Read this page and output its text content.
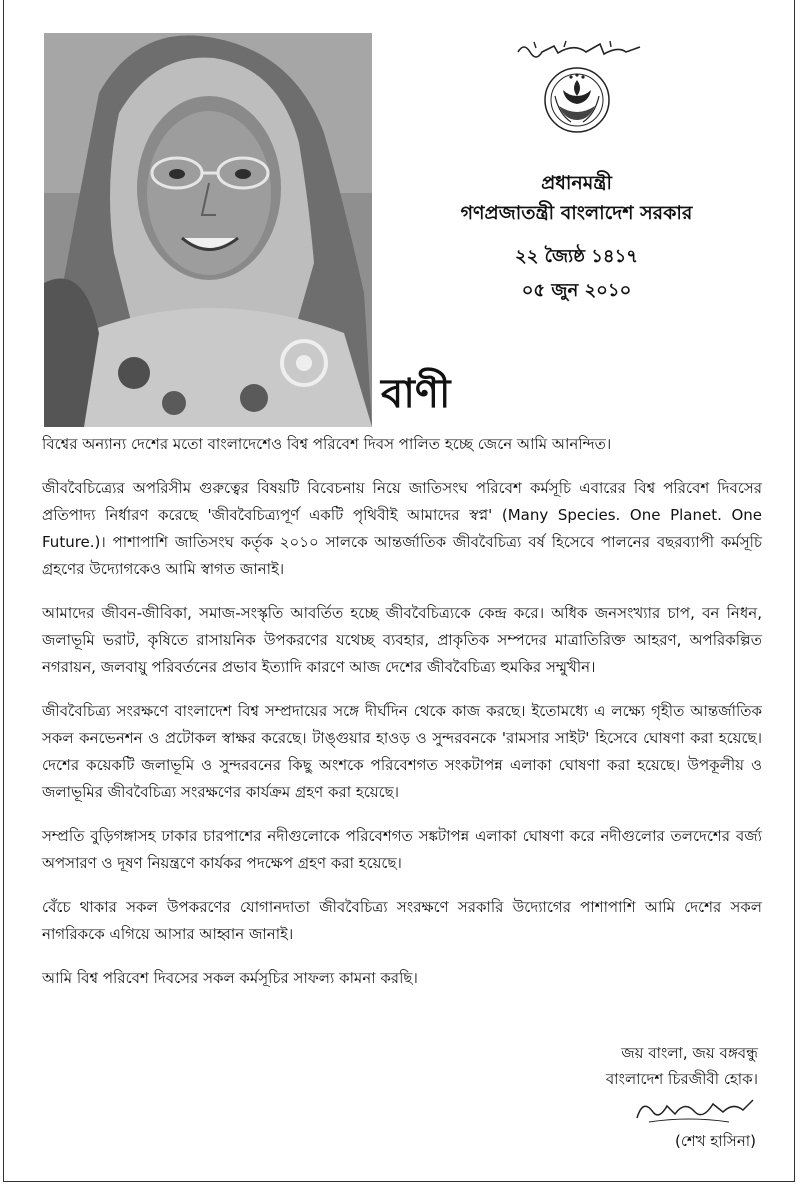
প্রধানমন্ত্রী
গণপ্রজাতন্ত্রী বাংলাদেশ সরকার
২২ জ্যৈষ্ঠ ১৪১৭
০৫ জুন ২০১০
বাণী

বিশ্বের অন্যান্য দেশের মতো বাংলাদেশেও বিশ্ব পরিবেশ দিবস পালিত হচ্ছে জেনে আমি আনন্দিত।

জীববৈচিত্র্যের অপরিসীম গুরুত্বের বিষয়টি বিবেচনায় নিয়ে জাতিসংঘ পরিবেশ কর্মসূচি এবারের বিশ্ব পরিবেশ দিবসের প্রতিপাদ্য নির্ধারণ করেছে 'জীববৈচিত্র্যপূর্ণ একটি পৃথিবীই আমাদের স্বপ্ন' (Many Species. One Planet. One Future.)। পাশাপাশি জাতিসংঘ কর্তৃক ২০১০ সালকে আন্তর্জাতিক জীববৈচিত্র্য বর্ষ হিসেবে পালনের বছরব্যাপী কর্মসূচি গ্রহণের উদ্যোগকেও আমি স্বাগত জানাই।

আমাদের জীবন-জীবিকা, সমাজ-সংস্কৃতি আবর্তিত হচ্ছে জীববৈচিত্র্যকে কেন্দ্র করে। অধিক জনসংখ্যার চাপ, বন নিধন, জলাভূমি ভরাট, কৃষিতে রাসায়নিক উপকরণের যথেচ্ছ ব্যবহার, প্রাকৃতিক সম্পদের মাত্রাতিরিক্ত আহরণ, অপরিকল্পিত নগরায়ন, জলবায়ু পরিবর্তনের প্রভাব ইত্যাদি কারণে আজ দেশের জীববৈচিত্র্য হুমকির সম্মুখীন।

জীববৈচিত্র্য সংরক্ষণে বাংলাদেশ বিশ্ব সম্প্রদায়ের সঙ্গে দীর্ঘদিন থেকে কাজ করছে। ইতোমধ্যে এ লক্ষ্যে গৃহীত আন্তর্জাতিক সকল কনভেনশন ও প্রটোকল স্বাক্ষর করেছে। টাঙ্গুয়ার হাওড় ও সুন্দরবনকে 'রামসার সাইট' হিসেবে ঘোষণা করা হয়েছে। দেশের কয়েকটি জলাভূমি ও সুন্দরবনের কিছু অংশকে পরিবেশগত সংকটাপন্ন এলাকা ঘোষণা করা হয়েছে। উপকূলীয় ও জলাভূমির জীববৈচিত্র্য সংরক্ষণের কার্যক্রম গ্রহণ করা হয়েছে।

সম্প্রতি বুড়িগঙ্গাসহ ঢাকার চারপাশের নদীগুলোকে পরিবেশগত সঙ্কটাপন্ন এলাকা ঘোষণা করে নদীগুলোর তলদেশের বর্জ্য অপসারণ ও দূষণ নিয়ন্ত্রণে কার্যকর পদক্ষেপ গ্রহণ করা হয়েছে।

বেঁচে থাকার সকল উপকরণের যোগানদাতা জীববৈচিত্র্য সংরক্ষণে সরকারি উদ্যোগের পাশাপাশি আমি দেশের সকল নাগরিককে এগিয়ে আসার আহ্বান জানাই।

আমি বিশ্ব পরিবেশ দিবসের সকল কর্মসূচির সাফল্য কামনা করছি।

জয় বাংলা, জয় বঙ্গবন্ধু
বাংলাদেশ চিরজীবী হোক।
(শেখ হাসিনা)
